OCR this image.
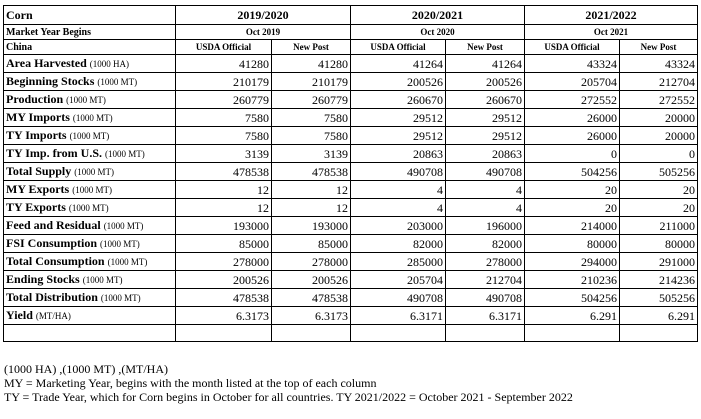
Corn	2019/2020		2020/2021		2021/2022	
Market Year Begins	Oct 2019		Oct 2020		Oct 2021	
China	USDA Official	New Post	USDA Official	New Post	USDA Official	New Post
Area Harvested (1000 HA)	41280	41280	41264	41264	43324	43324
Beginning Stocks (1000 MT)	210179	210179	200526	200526	205704	212704
Production (1000 MT)	260779	260779	260670	260670	272552	272552
MY Imports (1000 MT)	7580	7580	29512	29512	26000	20000
TY Imports (1000 MT)	7580	7580	29512	29512	26000	20000
TY Imp. from U.S. (1000 MT)	3139	3139	20863	20863	0	0
Total Supply (1000 MT)	478538	478538	490708	490708	504256	505256
MY Exports (1000 MT)	12	12	4	4	20	20
TY Exports (1000 MT)	12	12	4	4	20	20
Feed and Residual (1000 MT)	193000	193000	203000	196000	214000	211000
FSI Consumption (1000 MT)	85000	85000	82000	82000	80000	80000
Total Consumption (1000 MT)	278000	278000	285000	278000	294000	291000
Ending Stocks (1000 MT)	200526	200526	205704	212704	210236	214236
Total Distribution (1000 MT)	478538	478538	490708	490708	504256	505256
Yield (MT/HA)	6.3173	6.3173	6.3171	6.3171	6.291	6.291

(1000 HA) ,(1000 MT) ,(MT/HA)
MY = Marketing Year, begins with the month listed at the top of each column
TY = Trade Year, which for Corn begins in October for all countries. TY 2021/2022 = October 2021 - September 2022
